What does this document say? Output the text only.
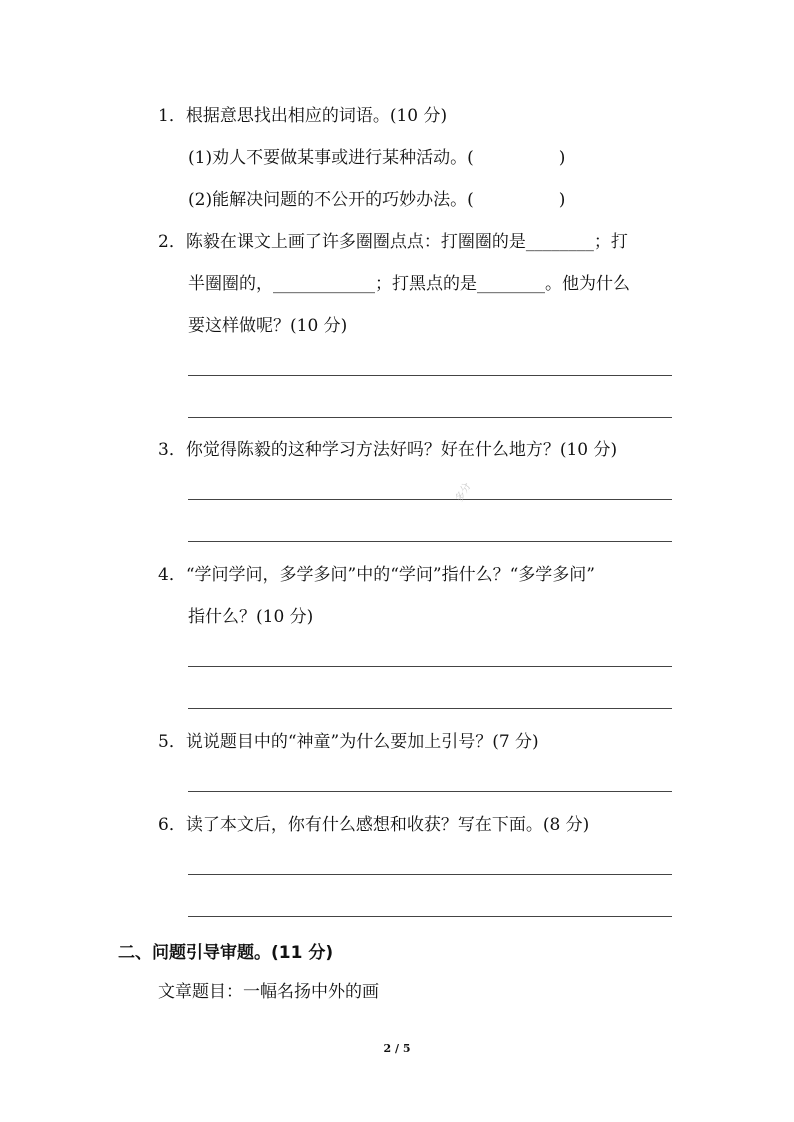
1．根据意思找出相应的词语。(10 分)
(1)劝人不要做某事或进行某种活动。(　　　　　)
(2)能解决问题的不公开的巧妙办法。(　　　　　)
2．陈毅在课文上画了许多圈圈点点：打圈圈的是________；打
半圈圈的，____________；打黑点的是________。他为什么
要这样做呢？(10 分)
3．你觉得陈毅的这种学习方法好吗？好在什么地方？(10 分)
多分
4．“学问学问，多学多问”中的“学问”指什么？“多学多问”
指什么？(10 分)
5．说说题目中的“神童”为什么要加上引号？(7 分)
6．读了本文后，你有什么感想和收获？写在下面。(8 分)
二、问题引导审题。(11 分)
文章题目：一幅名扬中外的画
2 / 5
